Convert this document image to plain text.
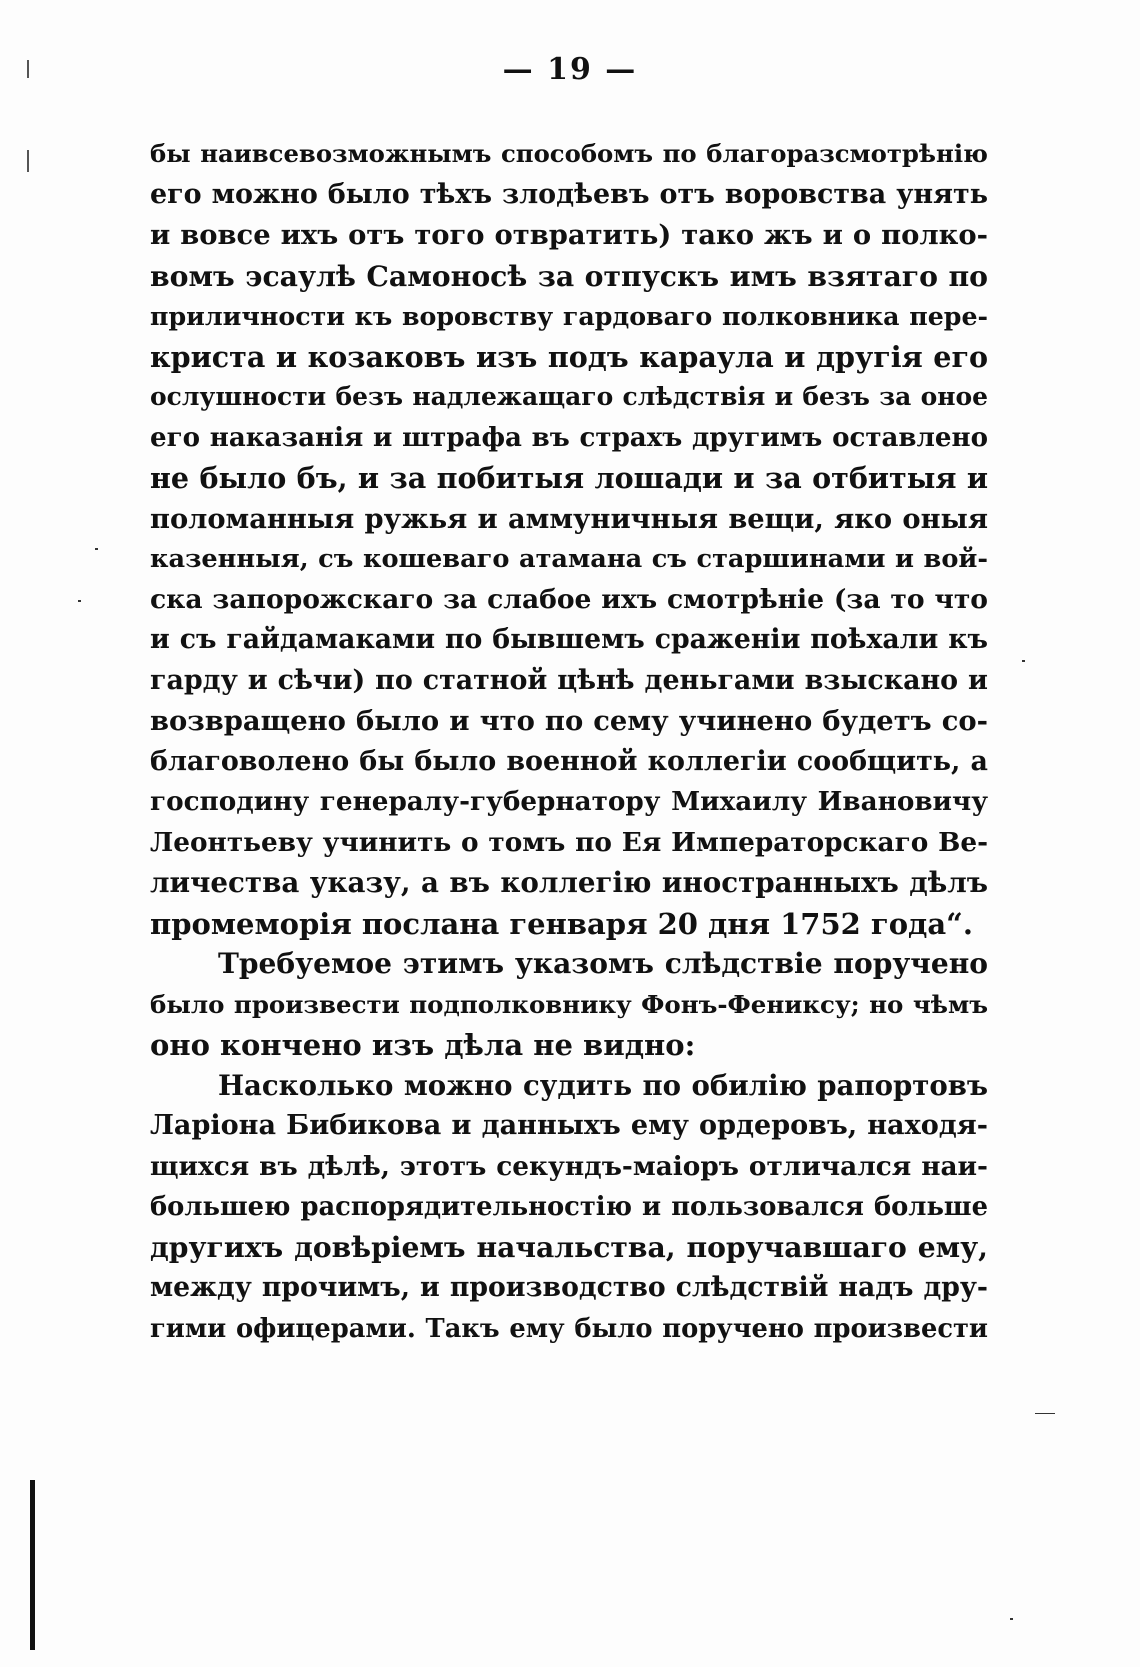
— 19 —
бы наивсевозможнымъ способомъ по благоразсмотрѣнію
его можно было тѣхъ злодѣевъ отъ воровства унять
и вовсе ихъ отъ того отвратить) тако жъ и о полко-
вомъ эсаулѣ Самоносѣ за отпускъ имъ взятаго по
приличности къ воровству гардоваго полковника пере-
криста и козаковъ изъ подъ караула и другія его
ослушности безъ надлежащаго слѣдствія и безъ за оное
его наказанія и штрафа въ страхъ другимъ оставлено
не было бъ, и за побитыя лошади и за отбитыя и
поломанныя ружья и аммуничныя вещи, яко оныя
казенныя, съ кошеваго атамана съ старшинами и вой-
ска запорожскаго за слабое ихъ смотрѣніе (за то что
и съ гайдамаками по бывшемъ сраженіи поѣхали къ
гарду и сѣчи) по статной цѣнѣ деньгами взыскано и
возвращено было и что по сему учинено будетъ со-
благоволено бы было военной коллегіи сообщить, а
господину генералу-губернатору Михаилу Ивановичу
Леонтьеву учинить о томъ по Ея Императорскаго Ве-
личества указу, а въ коллегію иностранныхъ дѣлъ
промеморія послана генваря 20 дня 1752 года“.
Требуемое этимъ указомъ слѣдствіе поручено
было произвести подполковнику Фонъ-Фениксу; но чѣмъ
оно кончено изъ дѣла не видно:
Насколько можно судить по обилію рапортовъ
Ларіона Бибикова и данныхъ ему ордеровъ, находя-
щихся въ дѣлѣ, этотъ секундъ-маіоръ отличался наи-
большею распорядительностію и пользовался больше
другихъ довѣріемъ начальства, поручавшаго ему,
между прочимъ, и производство слѣдствій надъ дру-
гими офицерами. Такъ ему было поручено произвести
